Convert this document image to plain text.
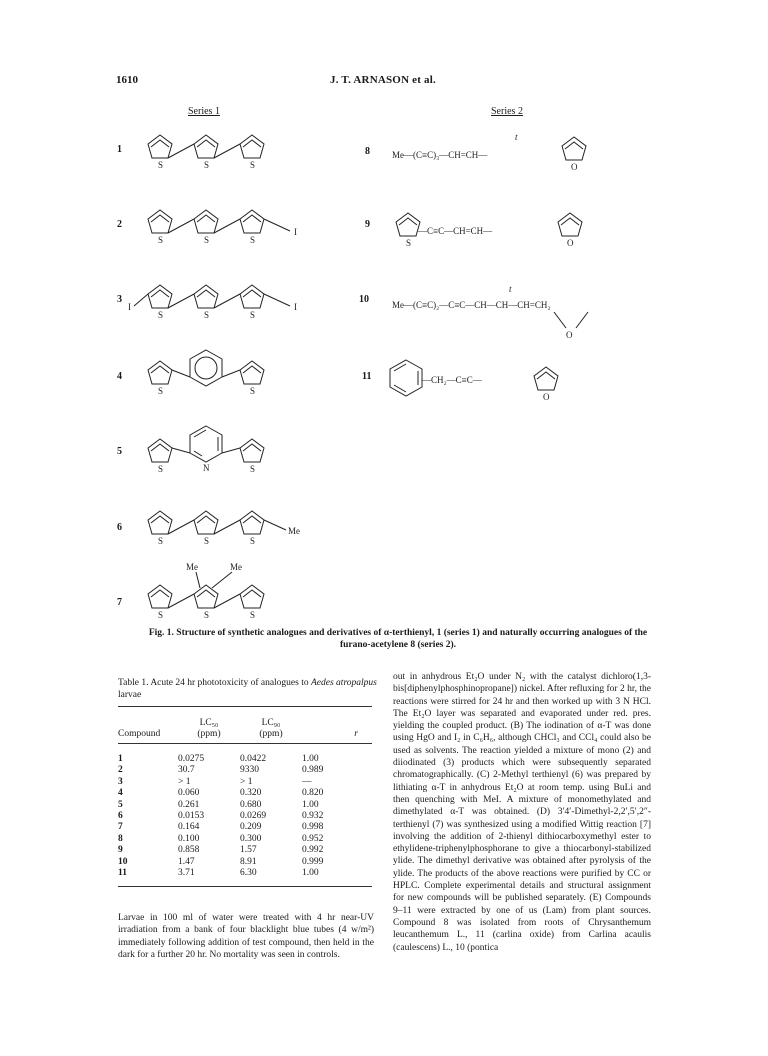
1610	J. T. ARNASON et al.
Series 1	Series 2
1
2
3
4
5
6
7
8
9
10
11
S	S	S
S	S	S
I
I
S	S	S
I
S	S
S	N	S
S	S	S
Me
Me	Me
S	S	S
Me—(C≡C)₃—CH=CH—
t
O
—C≡C—CH=CH—
S	O
Me—(C≡C)₂—C≡C—CH—CH—CH=CH₂
t
O
—CH₂—C≡C—
O
Fig. 1. Structure of synthetic analogues and derivatives of α-terthienyl, 1 (series 1) and naturally occurring analogues of the furano-acetylene 8 (series 2).
Table 1. Acute 24 hr phototoxicity of analogues to Aedes atropalpus larvae
	LC₅₀	LC₉₀	
Compound	(ppm)	(ppm)	r

1	0.0275	0.0422	1.00
2	30.7	9330	0.989
3	> 1	> 1	—
4	0.060	0.320	0.820
5	0.261	0.680	1.00
6	0.0153	0.0269	0.932
7	0.164	0.209	0.998
8	0.100	0.300	0.952
9	0.858	1.57	0.992
10	1.47	8.91	0.999
11	3.71	6.30	1.00
Larvae in 100 ml of water were treated with 4 hr near-UV irradiation from a bank of four blacklight blue tubes (4 w/m²) immediately following addition of test compound, then held in the dark for a further 20 hr. No mortality was seen in controls.
out in anhydrous Et₂O under N₂ with the catalyst dichloro(1,3-bis[diphenylphosphinopropane]) nickel. After refluxing for 2 hr, the reactions were stirred for 24 hr and then worked up with 3 N HCl. The Et₂O layer was separated and evaporated under red. pres. yielding the coupled product. (B) The iodination of α-T was done using HgO and I₂ in C₆H₆, although CHCl₃ and CCl₄ could also be used as solvents. The reaction yielded a mixture of mono (2) and diiodinated (3) products which were subsequently separated chromatographically. (C) 2-Methyl terthienyl (6) was prepared by lithiating α-T in anhydrous Et₂O at room temp. using BuLi and then quenching with MeI. A mixture of monomethylated and dimethylated α-T was obtained. (D) 3′4′-Dimethyl-2,2′,5′,2″-terthienyl (7) was synthesized using a modified Wittig reaction [7] involving the addition of 2-thienyl dithiocarboxymethyl ester to ethylidene-triphenylphosphorane to give a thiocarbonyl-stabilized ylide. The dimethyl derivative was obtained after pyrolysis of the ylide. The products of the above reactions were purified by CC or HPLC. Complete experimental details and structural assignment for new compounds will be published separately. (E) Compounds 9–11 were extracted by one of us (Lam) from plant sources. Compound 8 was isolated from roots of Chrysanthemum leucanthemum L., 11 (carlina oxide) from Carlina acaulis (caulescens) L., 10 (pontica
